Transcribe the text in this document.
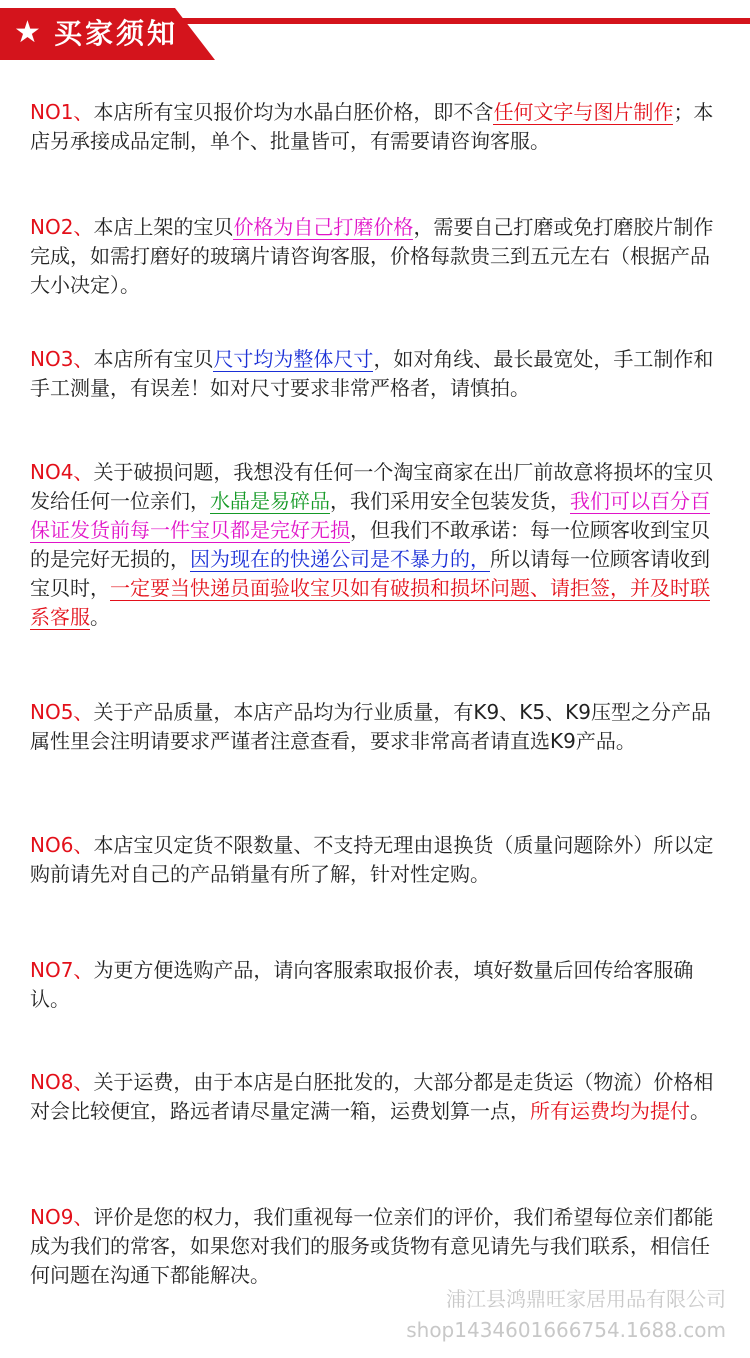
★ 买家须知

NO1、本店所有宝贝报价均为水晶白胚价格，即不含任何文字与图片制作；本店另承接成品定制，单个、批量皆可，有需要请咨询客服。

NO2、本店上架的宝贝价格为自己打磨价格，需要自己打磨或免打磨胶片制作完成，如需打磨好的玻璃片请咨询客服，价格每款贵三到五元左右（根据产品大小决定）。

NO3、本店所有宝贝尺寸均为整体尺寸，如对角线、最长最宽处，手工制作和手工测量，有误差！如对尺寸要求非常严格者，请慎拍。

NO4、关于破损问题，我想没有任何一个淘宝商家在出厂前故意将损坏的宝贝发给任何一位亲们，水晶是易碎品，我们采用安全包装发货，我们可以百分百保证发货前每一件宝贝都是完好无损，但我们不敢承诺：每一位顾客收到宝贝的是完好无损的，因为现在的快递公司是不暴力的，所以请每一位顾客请收到宝贝时，一定要当快递员面验收宝贝如有破损和损坏问题、请拒签，并及时联系客服。

NO5、关于产品质量，本店产品均为行业质量，有K9、K5、K9压型之分产品属性里会注明请要求严谨者注意查看，要求非常高者请直选K9产品。

NO6、本店宝贝定货不限数量、不支持无理由退换货（质量问题除外）所以定购前请先对自己的产品销量有所了解，针对性定购。

NO7、为更方便选购产品，请向客服索取报价表，填好数量后回传给客服确认。

NO8、关于运费，由于本店是白胚批发的，大部分都是走货运（物流）价格相对会比较便宜，路远者请尽量定满一箱，运费划算一点，所有运费均为提付。

NO9、评价是您的权力，我们重视每一位亲们的评价，我们希望每位亲们都能成为我们的常客，如果您对我们的服务或货物有意见请先与我们联系，相信任何问题在沟通下都能解决。

浦江县鸿鼎旺家居用品有限公司
shop1434601666754.1688.com
